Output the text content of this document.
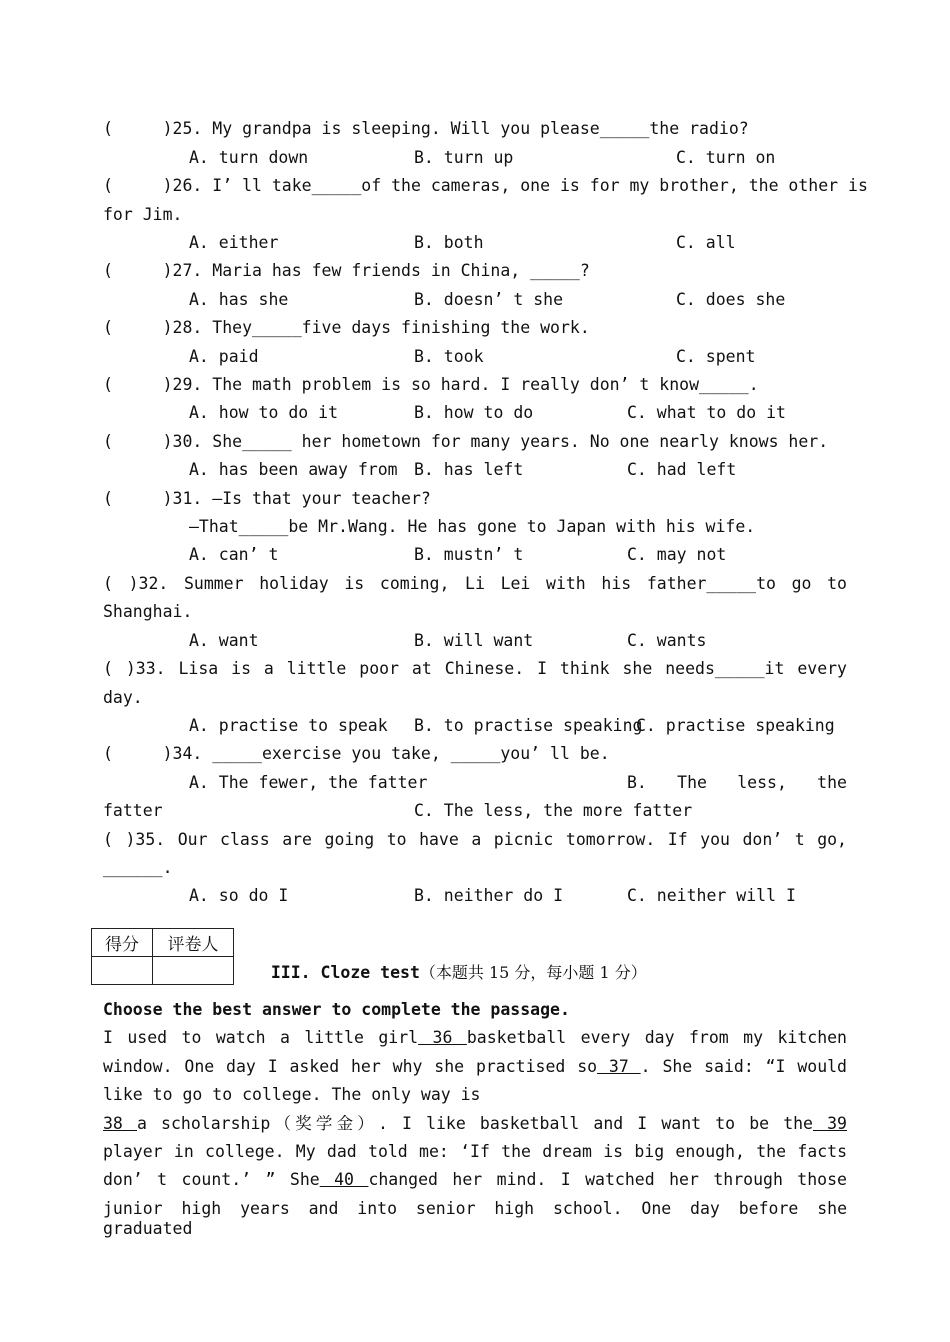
(     )25. My grandpa is sleeping. Will you please_____the radio?
A. turn down	B. turn up	C. turn on
(     )26. I’ ll take_____of the cameras, one is for my brother, the other is
for Jim.
A. either	B. both	C. all
(     )27. Maria has few friends in China, _____?
A. has she	B. doesn’ t she	C. does she
(     )28. They_____five days finishing the work.
A. paid	B. took	C. spent
(     )29. The math problem is so hard. I really don’ t know_____.
A. how to do it	B. how to do	C. what to do it
(     )30. She_____ her hometown for many years. No one nearly knows her.
A. has been away from B. has left	C. had left
(     )31. —Is that your teacher?
—That_____be Mr.Wang. He has gone to Japan with his wife.
A. can’ t	B. mustn’ t	C. may not
( )32. Summer holiday is coming, Li Lei with his father_____to go to
Shanghai.
A. want	B. will want	C. wants
( )33. Lisa is a little poor at Chinese. I think she needs_____it every
day.
A. practise to speak B. to practise speaking
C. practise speaking
(     )34. _____exercise you take, _____you’ ll be.
A. The fewer, the fatter	B. The less, the
fatter	C. The less, the more fatter
( )35. Our class are going to have a picnic tomorrow. If you don’ t go,
______.
A. so do I	B. neither do I	C. neither will I
得分	评卷人

III. Cloze test（本题共 15 分，每小题 1 分）

Choose the best answer to complete the passage.
I used to watch a little girl 36 basketball every day from my kitchen
window. One day I asked her why she practised so 37 . She said: “I would
like to go to college. The only way is
38 a scholarship（奖学金）. I like basketball and I want to be the 39
player in college. My dad told me: ‘If the dream is big enough, the facts
don’ t count.’ ” She 40 changed her mind. I watched her through those
junior high years and into senior high school. One day before she graduated
